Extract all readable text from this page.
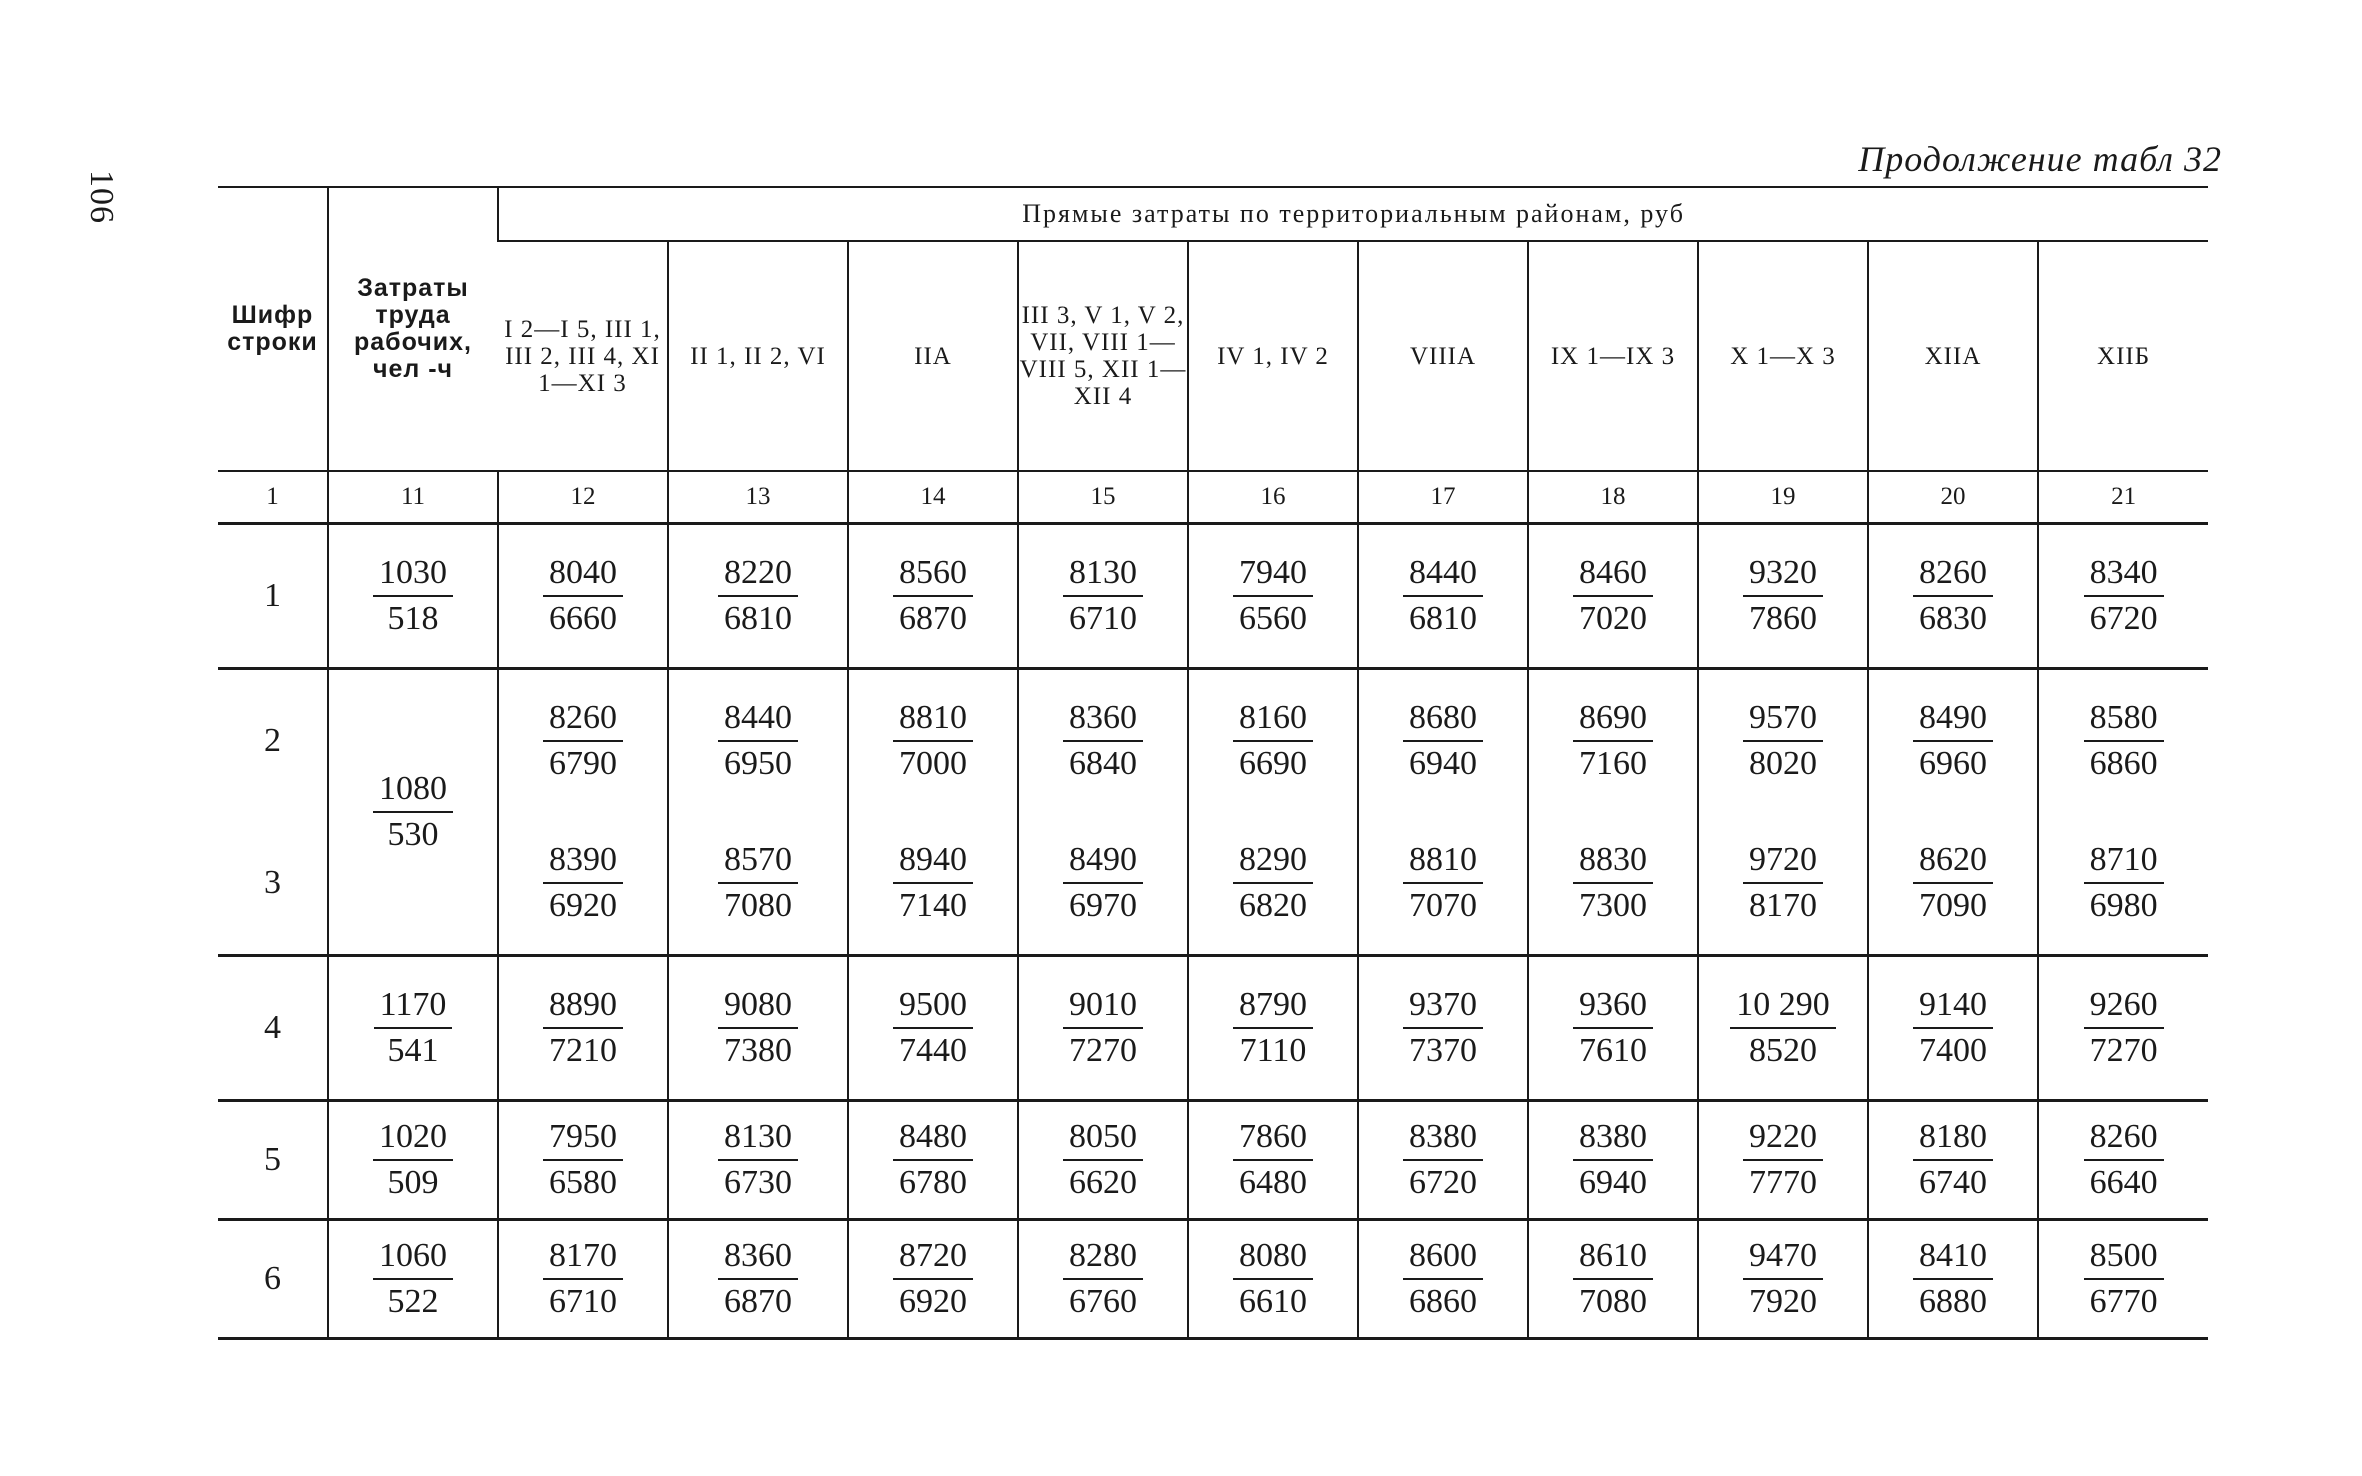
106
Продолжение табл 32
Шифр строки	Затраты труда рабочих, чел -ч	Прямые затраты по территориальным районам, руб									
		I 2—I 5, III 1, III 2, III 4, XI 1—XI 3	II 1, II 2, VI	IIA	III 3, V 1, V 2, VII, VIII 1—VIII 5, XII 1—XII 4	IV 1, IV 2	VIIIA	IX 1—IX 3	X 1—X 3	XIIA	XIIБ
1	11	12	13	14	15	16	17	18	19	20	21
1	$\frac{1030}{518}$	$\frac{8040}{6660}$	$\frac{8220}{6810}$	$\frac{8560}{6870}$	$\frac{8130}{6710}$	$\frac{7940}{6560}$	$\frac{8440}{6810}$	$\frac{8460}{7020}$	$\frac{9320}{7860}$	$\frac{8260}{6830}$	$\frac{8340}{6720}$

2	$\frac{1080}{530}$	$\frac{8260}{6790}$	$\frac{8440}{6950}$	$\frac{8810}{7000}$	$\frac{8360}{6840}$	$\frac{8160}{6690}$	$\frac{8680}{6940}$	$\frac{8690}{7160}$	$\frac{9570}{8020}$	$\frac{8490}{6960}$	$\frac{8580}{6860}$

3		$\frac{8390}{6920}$	$\frac{8570}{7080}$	$\frac{8940}{7140}$	$\frac{8490}{6970}$	$\frac{8290}{6820}$	$\frac{8810}{7070}$	$\frac{8830}{7300}$	$\frac{9720}{8170}$	$\frac{8620}{7090}$	$\frac{8710}{6980}$

4	$\frac{1170}{541}$	$\frac{8890}{7210}$	$\frac{9080}{7380}$	$\frac{9500}{7440}$	$\frac{9010}{7270}$	$\frac{8790}{7110}$	$\frac{9370}{7370}$	$\frac{9360}{7610}$	$\frac{10 290}{8520}$	$\frac{9140}{7400}$	$\frac{9260}{7270}$

5	$\frac{1020}{509}$	$\frac{7950}{6580}$	$\frac{8130}{6730}$	$\frac{8480}{6780}$	$\frac{8050}{6620}$	$\frac{7860}{6480}$	$\frac{8380}{6720}$	$\frac{8380}{6940}$	$\frac{9220}{7770}$	$\frac{8180}{6740}$	$\frac{8260}{6640}$

6	$\frac{1060}{522}$	$\frac{8170}{6710}$	$\frac{8360}{6870}$	$\frac{8720}{6920}$	$\frac{8280}{6760}$	$\frac{8080}{6610}$	$\frac{8600}{6860}$	$\frac{8610}{7080}$	$\frac{9470}{7920}$	$\frac{8410}{6880}$	$\frac{8500}{6770}$
